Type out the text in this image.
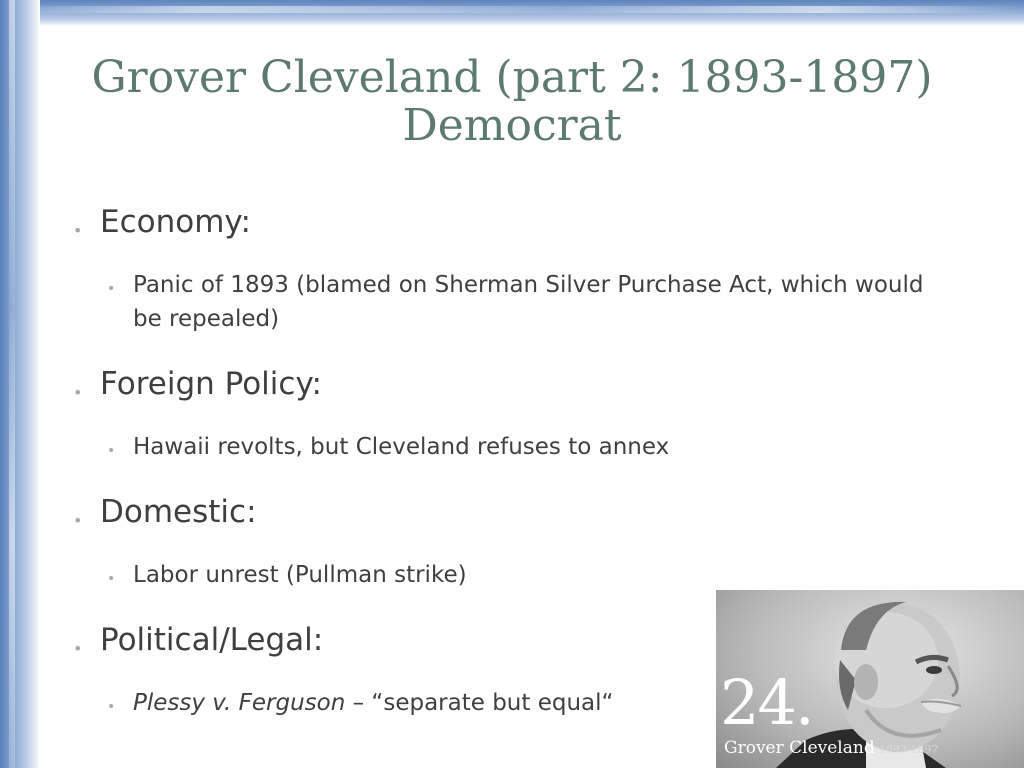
Grover Cleveland (part 2: 1893-1897)
Democrat
• Economy:
• Panic of 1893 (blamed on Sherman Silver Purchase Act, which would be repealed)
• Foreign Policy:
• Hawaii revolts, but Cleveland refuses to annex
• Domestic:
• Labor unrest (Pullman strike)
• Political/Legal:
• Plessy v. Ferguson – “separate but equal“	24.
Grover Cleveland 1893-1897
